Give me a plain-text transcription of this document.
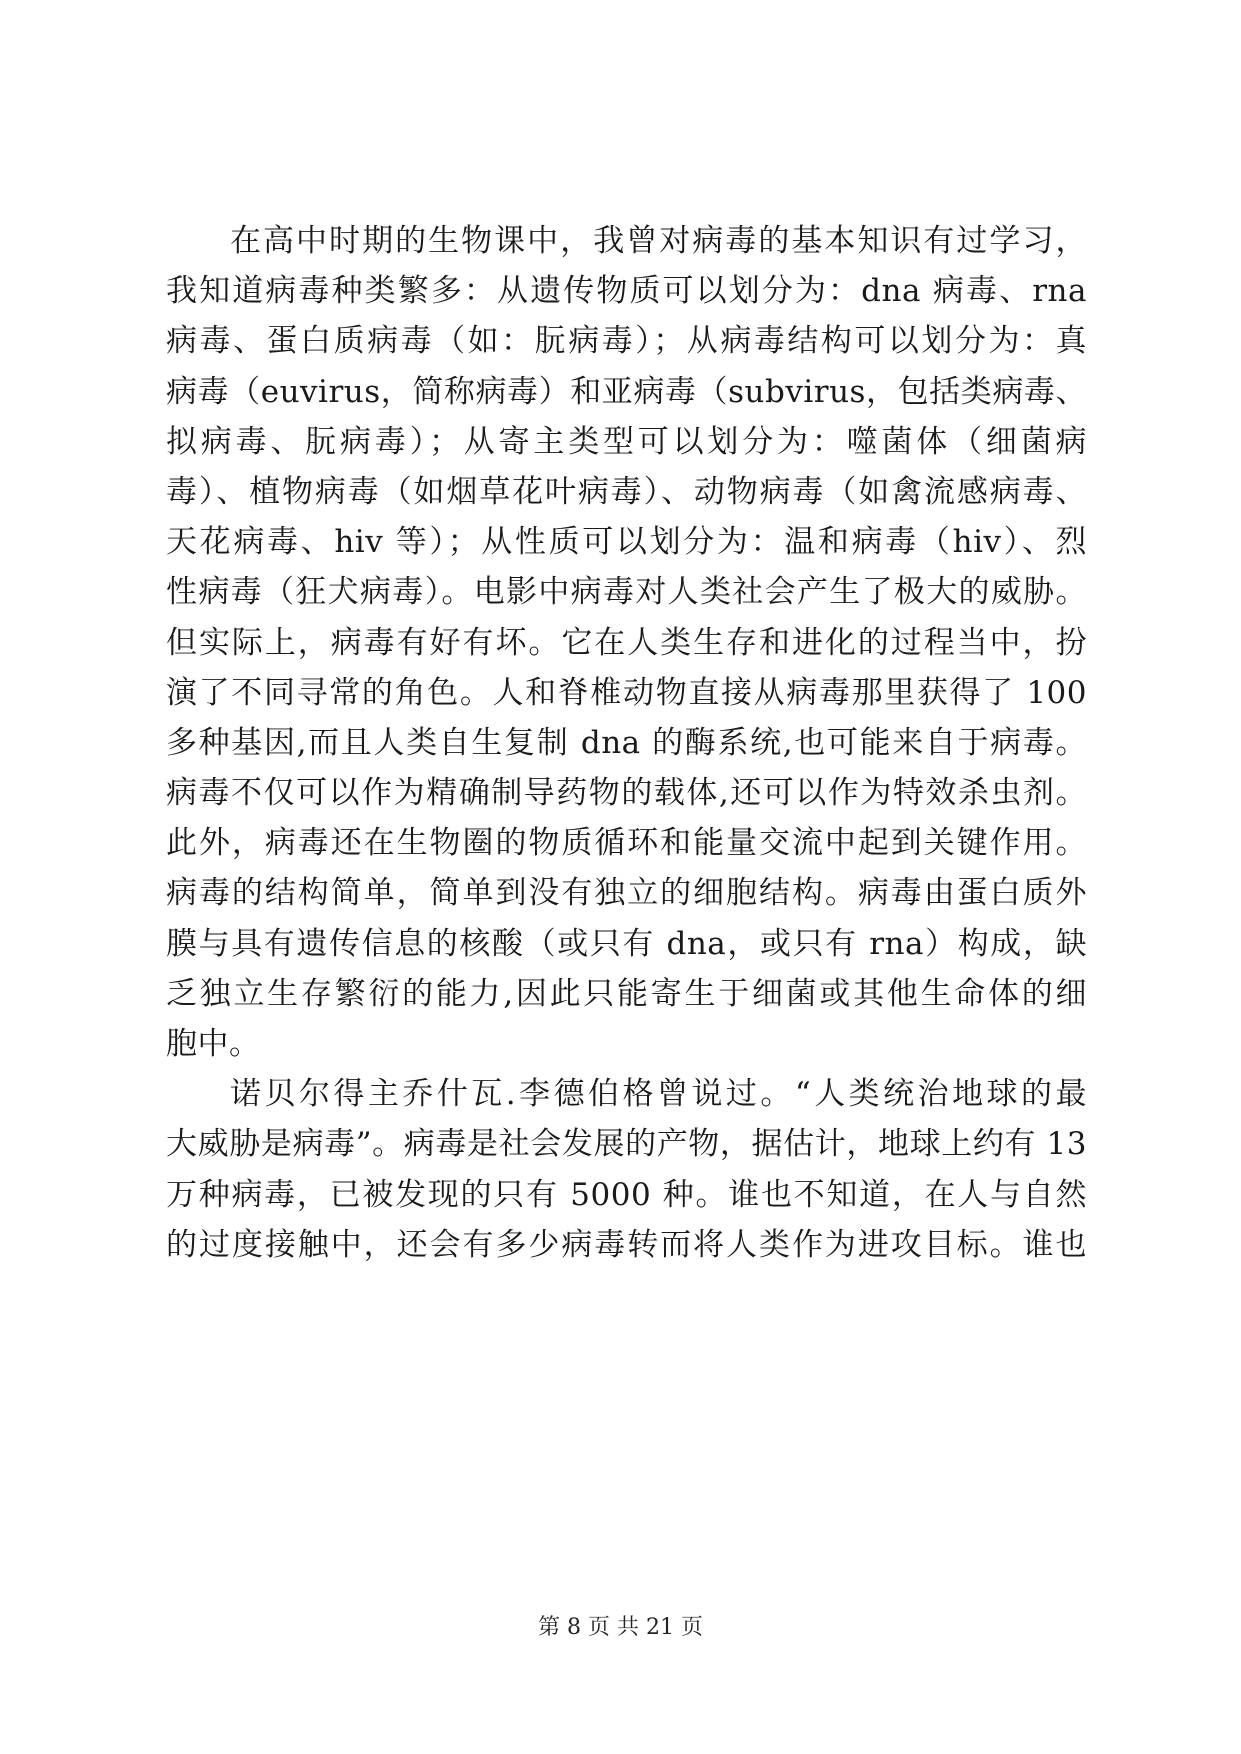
在高中时期的生物课中，我曾对病毒的基本知识有过学习，
我知道病毒种类繁多：从遗传物质可以划分为：dna 病毒、rna
病毒、蛋白质病毒（如：朊病毒）；从病毒结构可以划分为：真
病毒（euvirus，简称病毒）和亚病毒（subvirus，包括类病毒、
拟病毒、朊病毒）；从寄主类型可以划分为：噬菌体（细菌病
毒）、植物病毒（如烟草花叶病毒）、动物病毒（如禽流感病毒、
天花病毒、hiv 等）；从性质可以划分为：温和病毒（hiv）、烈
性病毒（狂犬病毒）。电影中病毒对人类社会产生了极大的威胁。
但实际上，病毒有好有坏。它在人类生存和进化的过程当中，扮
演了不同寻常的角色。人和脊椎动物直接从病毒那里获得了 100
多种基因,而且人类自生复制 dna 的酶系统,也可能来自于病毒。
病毒不仅可以作为精确制导药物的载体,还可以作为特效杀虫剂。
此外，病毒还在生物圈的物质循环和能量交流中起到关键作用。
病毒的结构简单，简单到没有独立的细胞结构。病毒由蛋白质外
膜与具有遗传信息的核酸（或只有 dna，或只有 rna）构成，缺
乏独立生存繁衍的能力,因此只能寄生于细菌或其他生命体的细
胞中。
诺贝尔得主乔什瓦.李德伯格曾说过。“人类统治地球的最
大威胁是病毒”。病毒是社会发展的产物，据估计，地球上约有 13
万种病毒，已被发现的只有 5000 种。谁也不知道，在人与自然
的过度接触中，还会有多少病毒转而将人类作为进攻目标。谁也
第 8 页 共 21 页
